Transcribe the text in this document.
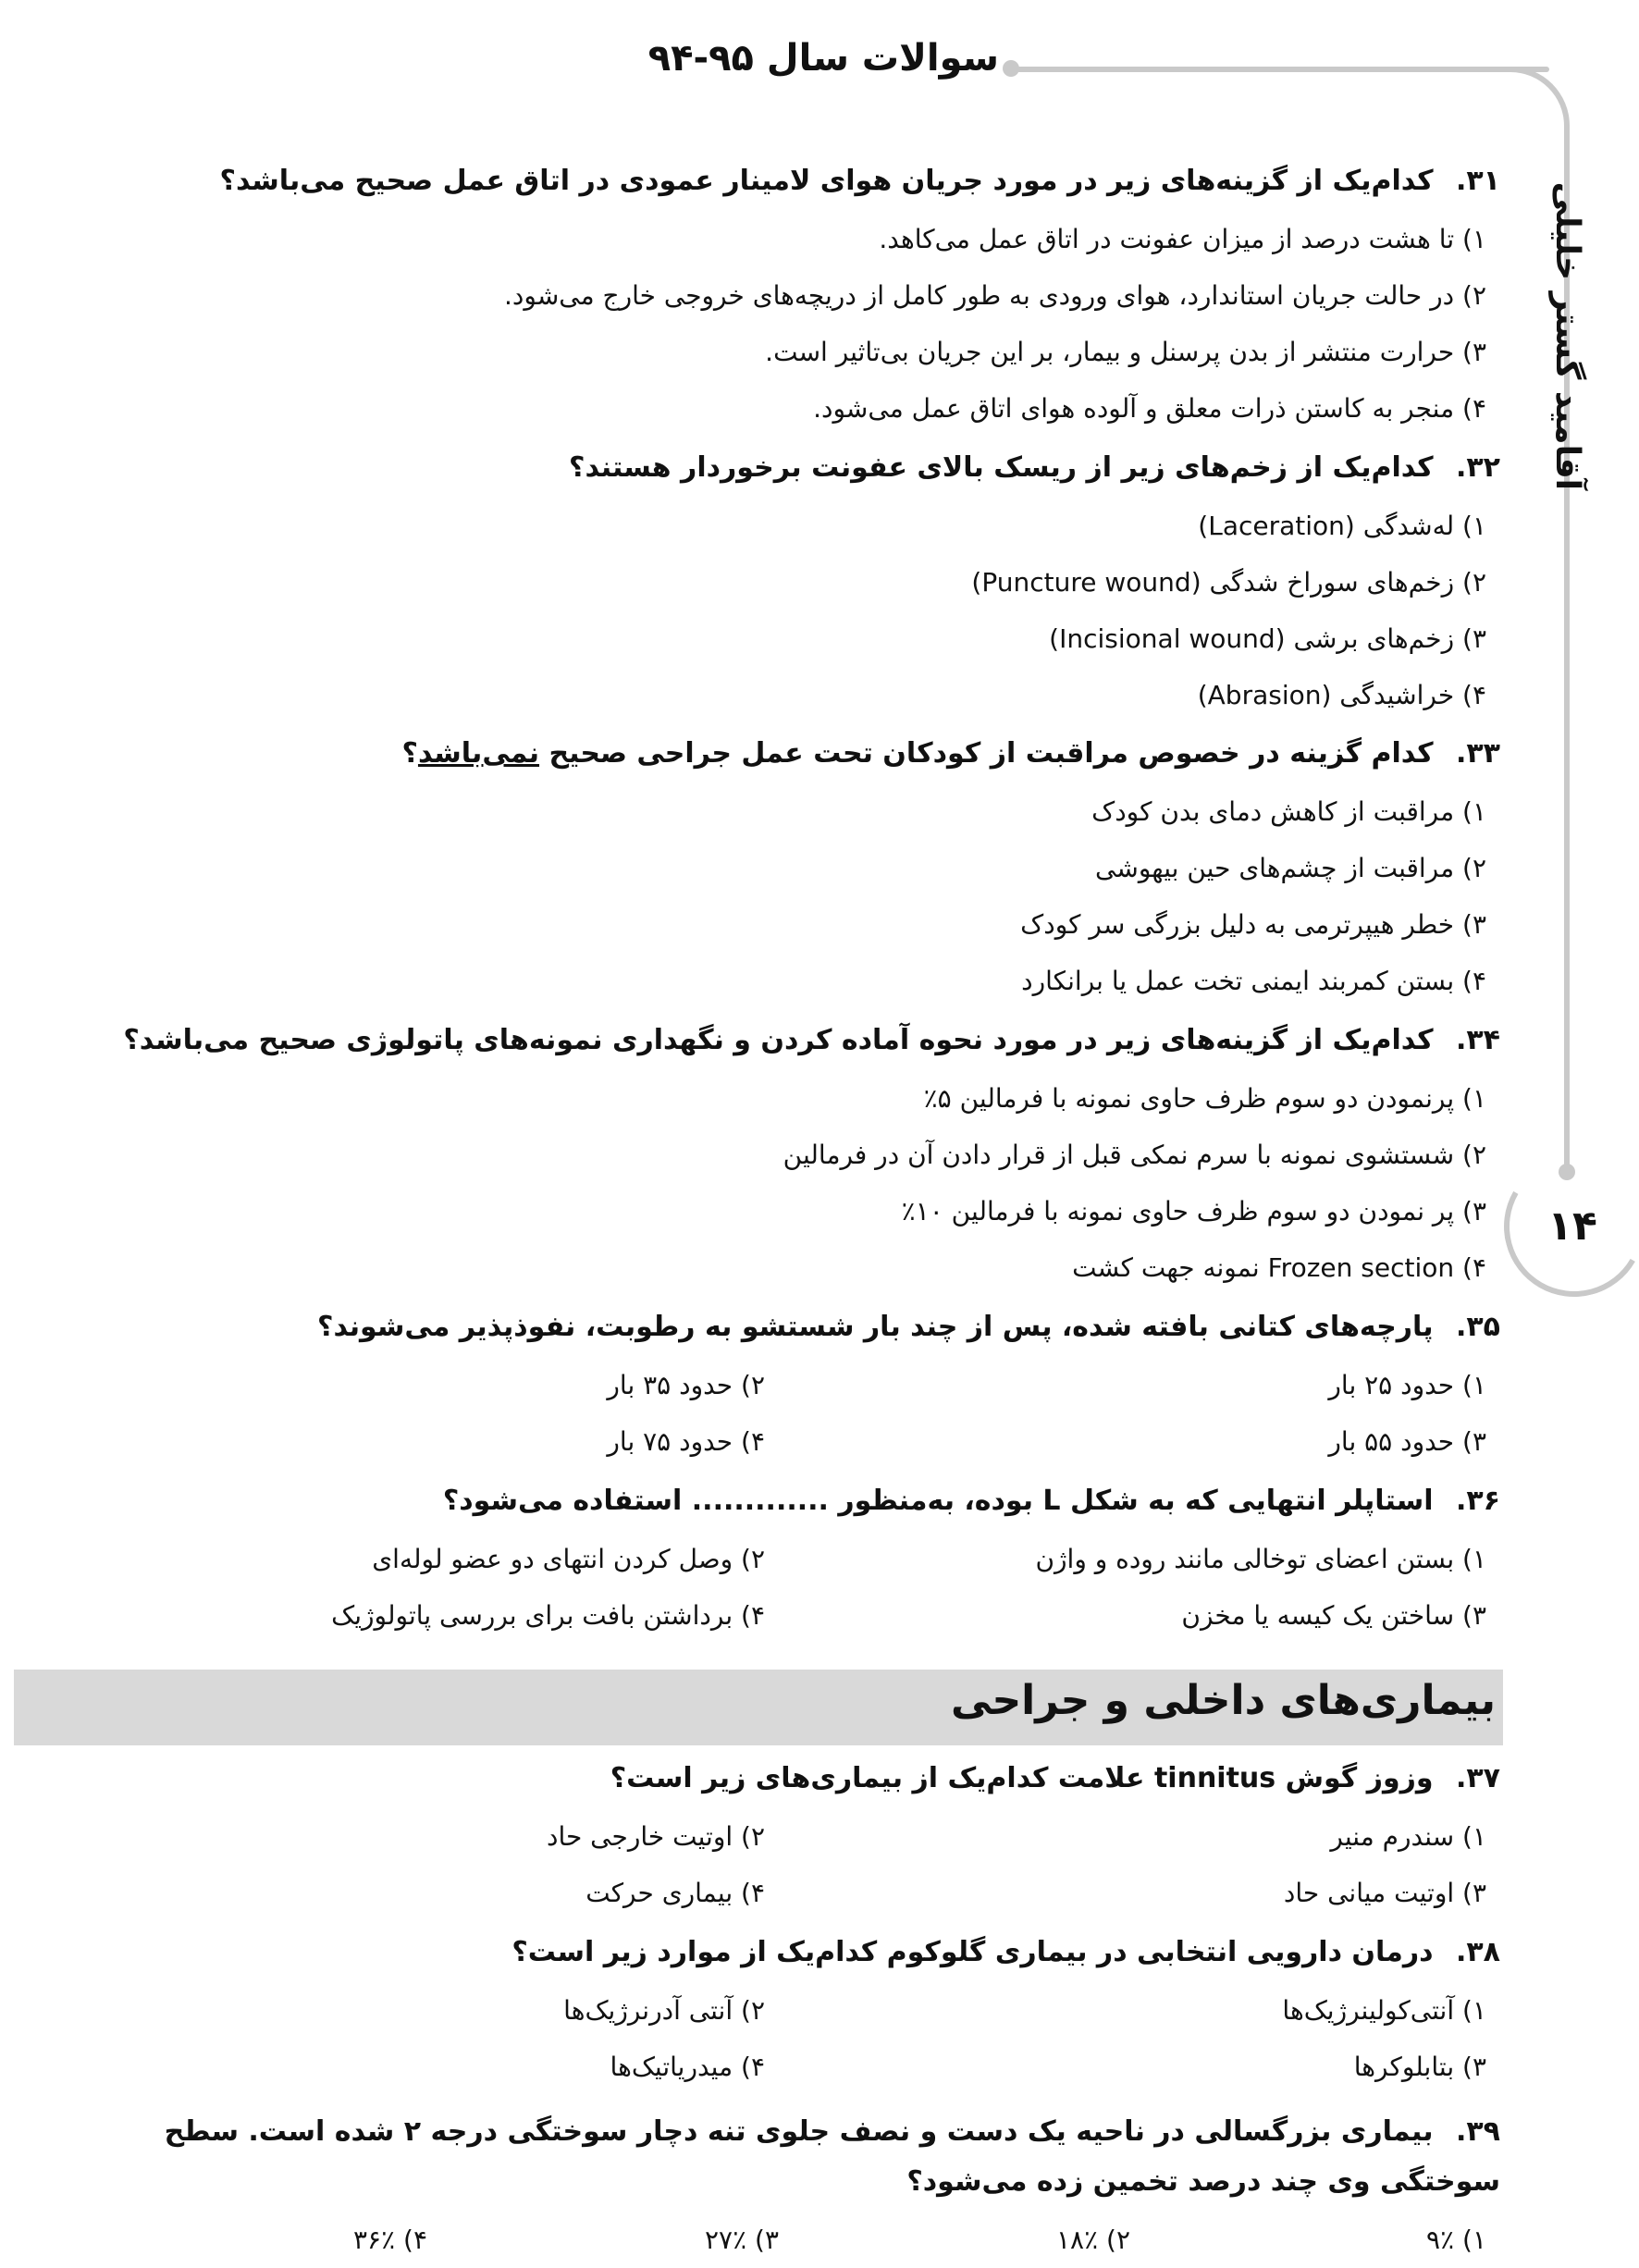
سوالات سال ۹۵-۹۴
آقامید گستر خلیلی
۱۴
۳۱. کدام‌یک از گزینه‌های زیر در مورد جریان هوای لامینار عمودی در اتاق عمل صحیح می‌باشد؟
۱) تا هشت درصد از میزان عفونت در اتاق عمل می‌کاهد.
۲) در حالت جریان استاندارد، هوای ورودی به طور کامل از دریچه‌های خروجی خارج می‌شود.
۳) حرارت منتشر از بدن پرسنل و بیمار، بر این جریان بی‌تاثیر است.
۴) منجر به کاستن ذرات معلق و آلوده هوای اتاق عمل می‌شود.
۳۲. کدام‌یک از زخم‌های زیر از ریسک بالای عفونت برخوردار هستند؟
۱) له‌شدگی (Laceration)
۲) زخم‌های سوراخ شدگی (Puncture wound)
۳) زخم‌های برشی (Incisional wound)
۴) خراشیدگی (Abrasion)
۳۳. کدام گزینه در خصوص مراقبت از کودکان تحت عمل جراحی صحیح نمی‌باشد؟
۱) مراقبت از کاهش دمای بدن کودک
۲) مراقبت از چشم‌های حین بیهوشی
۳) خطر هیپرترمی به دلیل بزرگی سر کودک
۴) بستن کمربند ایمنی تخت عمل یا برانکارد
۳۴. کدام‌یک از گزینه‌های زیر در مورد نحوه آماده کردن و نگهداری نمونه‌های پاتولوژی صحیح می‌باشد؟
۱) پرنمودن دو سوم ظرف حاوی نمونه با فرمالین ۵٪
۲) شستشوی نمونه با سرم نمکی قبل از قرار دادن آن در فرمالین
۳) پر نمودن دو سوم ظرف حاوی نمونه با فرمالین ۱۰٪
۴) Frozen section نمونه جهت کشت
۳۵. پارچه‌های کتانی بافته شده، پس از چند بار شستشو به رطوبت، نفوذپذیر می‌شوند؟
۱) حدود ۲۵ بار
۲) حدود ۳۵ بار
۳) حدود ۵۵ بار
۴) حدود ۷۵ بار
۳۶. استاپلر انتهایی که به شکل L بوده، به‌منظور ............. استفاده می‌شود؟
۱) بستن اعضای توخالی مانند روده و واژن
۲) وصل کردن انتهای دو عضو لوله‌ای
۳) ساختن یک کیسه یا مخزن
۴) برداشتن بافت برای بررسی پاتولوژیک
بیماری‌های داخلی و جراحی
۳۷. وزوز گوش tinnitus علامت کدام‌یک از بیماری‌های زیر است؟
۱) سندرم منیر
۲) اوتیت خارجی حاد
۳) اوتیت میانی حاد
۴) بیماری حرکت
۳۸. درمان دارویی انتخابی در بیماری گلوکوم کدام‌یک از موارد زیر است؟
۱) آنتی‌کولینرژیک‌ها
۲) آنتی آدرنرژیک‌ها
۳) بتابلوکرها
۴) میدریاتیک‌ها
۳۹. بیماری بزرگسالی در ناحیه یک دست و نصف جلوی تنه دچار سوختگی درجه ۲ شده است. سطح سوختگی وی چند درصد تخمین زده می‌شود؟
۱) ۹٪
۲) ۱۸٪
۳) ۲۷٪
۴) ۳۶٪
